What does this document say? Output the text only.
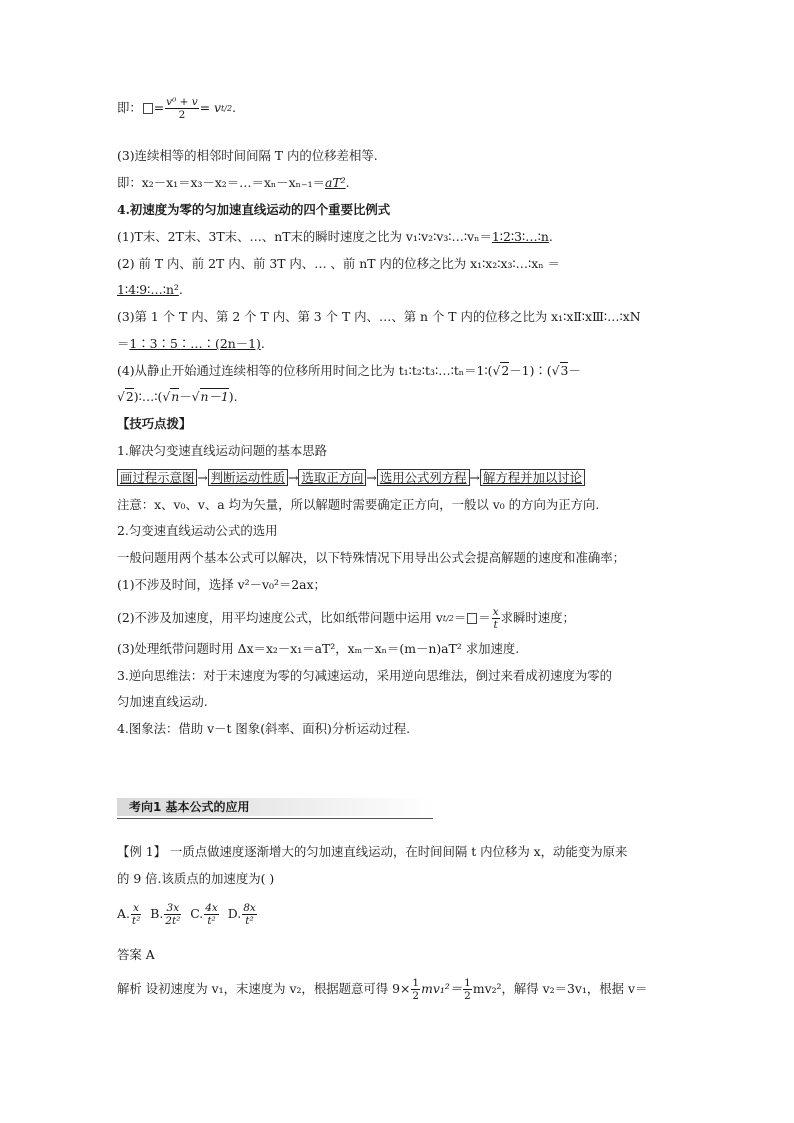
即： = $\frac{\text{v⁰ + v}}{2} = v$ t/2 .
(3)连续相等的相邻时间间隔 T 内的位移差相等.
即：x₂－x₁＝x₃－x₂＝…＝xₙ－xₙ₋₁＝aT².
4.初速度为零的匀加速直线运动的四个重要比例式
(1)T末、2T末、3T末、…、nT末的瞬时速度之比为 v₁∶v₂∶v₃∶…∶vₙ＝1∶2∶3∶…∶n.
(2) 前 T 内、前 2T 内、前 3T 内、… 、前 nT 内的位移之比为 x₁∶x₂∶x₃∶…∶xₙ ＝
1∶4∶9∶…∶n².
(3)第 1 个 T 内、第 2 个 T 内、第 3 个 T 内、…、第 n 个 T 内的位移之比为 x₁∶xⅡ∶xⅢ∶…∶xN
＝1∶3∶5∶…∶(2n－1).
(4)从静止开始通过连续相等的位移所用时间之比为 t₁∶t₂∶t₃∶…∶tₙ＝1∶(√2－1)∶(√3－
√2)∶…∶(√n－√n－1).
【技巧点拨】
1.解决匀变速直线运动问题的基本思路
画过程示意图 → 判断运动性质 → 选取正方向 → 选用公式列方程 → 解方程并加以讨论
注意：x、v₀、v、a 均为矢量，所以解题时需要确定正方向，一般以 v₀ 的方向为正方向.
2.匀变速直线运动公式的选用
一般问题用两个基本公式可以解决，以下特殊情况下用导出公式会提高解题的速度和准确率；
(1)不涉及时间，选择 v²－v₀²＝2ax；
(2)不涉及加速度，用平均速度公式，比如纸带问题中运用 v t/2 ＝ ＝ $\frac{x}{t}$ 求瞬时速度；
(3)处理纸带问题时用 Δx＝x₂－x₁＝aT²，xₘ－xₙ＝(m－n)aT² 求加速度.
3.逆向思维法：对于末速度为零的匀减速运动，采用逆向思维法，倒过来看成初速度为零的
匀加速直线运动.
4.图象法：借助 v－t 图象(斜率、面积)分析运动过程.
考向1 基本公式的应用
【例 1】 一质点做速度逐渐增大的匀加速直线运动，在时间间隔 t 内位移为 x，动能变为原来
的 9 倍.该质点的加速度为( )
A. $\frac{x}{\text{t²}} B$. $\frac{3x}{\text{2t²}} C$. $\frac{4x}{\text{t²}} D$. $\frac{8x}{\text{t²}}$
答案 A
解析 设初速度为 v₁，末速度为 v₂，根据题意可得 $9\times \frac{1}{2} mv_1^2= \frac{1}{2} mv_2^2$，解得 v₂＝3v₁，根据 v＝
